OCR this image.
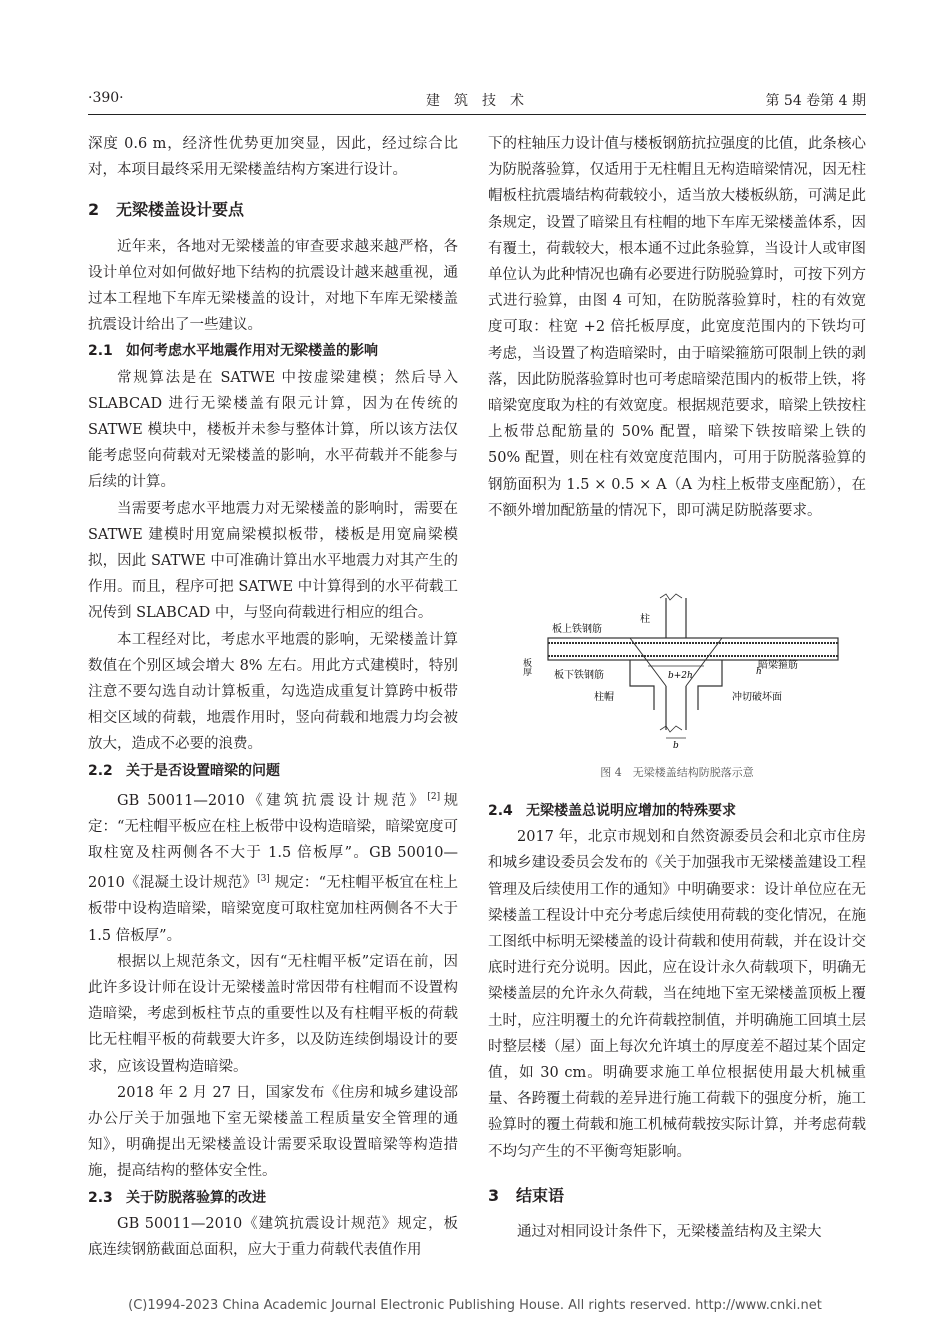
·390·	建　筑　技　术	第 54 卷第 4 期

深度 0.6 m，经济性优势更加突显，因此，经过综合比对，本项目最终采用无梁楼盖结构方案进行设计。

2 无梁楼盖设计要点

近年来，各地对无梁楼盖的审查要求越来越严格，各设计单位对如何做好地下结构的抗震设计越来越重视，通过本工程地下车库无梁楼盖的设计，对地下车库无梁楼盖抗震设计给出了一些建议。

2.1 如何考虑水平地震作用对无梁楼盖的影响

常规算法是在 SATWE 中按虚梁建模；然后导入 SLABCAD 进行无梁楼盖有限元计算，因为在传统的 SATWE 模块中，楼板并未参与整体计算，所以该方法仅能考虑竖向荷载对无梁楼盖的影响，水平荷载并不能参与后续的计算。

当需要考虑水平地震力对无梁楼盖的影响时，需要在 SATWE 建模时用宽扁梁模拟板带，楼板是用宽扁梁模拟，因此 SATWE 中可准确计算出水平地震力对其产生的作用。而且，程序可把 SATWE 中计算得到的水平荷载工况传到 SLABCAD 中，与竖向荷载进行相应的组合。

本工程经对比，考虑水平地震的影响，无梁楼盖计算数值在个别区域会增大 8% 左右。用此方式建模时，特别注意不要勾选自动计算板重，勾选造成重复计算跨中板带相交区域的荷载，地震作用时，竖向荷载和地震力均会被放大，造成不必要的浪费。

2.2 关于是否设置暗梁的问题

GB 50011—2010《建筑抗震设计规范》[2]规定：“无柱帽平板应在柱上板带中设构造暗梁，暗梁宽度可取柱宽及柱两侧各不大于 1.5 倍板厚”。GB 50010—2010《混凝土设计规范》[3] 规定：“无柱帽平板宜在柱上板带中设构造暗梁，暗梁宽度可取柱宽加柱两侧各不大于 1.5 倍板厚”。

根据以上规范条文，因有“无柱帽平板”定语在前，因此许多设计师在设计无梁楼盖时常因带有柱帽而不设置构造暗梁，考虑到板柱节点的重要性以及有柱帽平板的荷载比无柱帽平板的荷载要大许多，以及防连续倒塌设计的要求，应该设置构造暗梁。

2018 年 2 月 27 日，国家发布《住房和城乡建设部办公厅关于加强地下室无梁楼盖工程质量安全管理的通知》，明确提出无梁楼盖设计需要采取设置暗梁等构造措施，提高结构的整体安全性。

2.3 关于防脱落验算的改进

GB 50011—2010《建筑抗震设计规范》规定，板底连续钢筋截面总面积，应大于重力荷载代表值作用

下的柱轴压力设计值与楼板钢筋抗拉强度的比值，此条核心为防脱落验算，仅适用于无柱帽且无构造暗梁情况，因无柱帽板柱抗震墙结构荷载较小，适当放大楼板纵筋，可满足此条规定，设置了暗梁且有柱帽的地下车库无梁楼盖体系，因有覆土，荷载较大，根本通不过此条验算，当设计人或审图单位认为此种情况也确有必要进行防脱验算时，可按下列方式进行验算，由图 4 可知，在防脱落验算时，柱的有效宽度可取：柱宽 +2 倍托板厚度，此宽度范围内的下铁均可考虑，当设置了构造暗梁时，由于暗梁箍筋可限制上铁的剥落，因此防脱落验算时也可考虑暗梁范围内的板带上铁，将暗梁宽度取为柱的有效宽度。根据规范要求，暗梁上铁按柱上板带总配筋量的 50% 配置，暗梁下铁按暗梁上铁的 50% 配置，则在柱有效宽度范围内，可用于防脱落验算的钢筋面积为 1.5 × 0.5 × A（A 为柱上板带支座配筋），在不额外增加配筋量的情况下，即可满足防脱落要求。

板上铁钢筋
柱
板厚	b+2h	h
暗梁箍筋
板下铁钢筋
柱帽	冲切破坏面
b
图 4　无梁楼盖结构防脱落示意
2.4 无梁楼盖总说明应增加的特殊要求

2017 年，北京市规划和自然资源委员会和北京市住房和城乡建设委员会发布的《关于加强我市无梁楼盖建设工程管理及后续使用工作的通知》中明确要求：设计单位应在无梁楼盖工程设计中充分考虑后续使用荷载的变化情况，在施工图纸中标明无梁楼盖的设计荷载和使用荷载，并在设计交底时进行充分说明。因此，应在设计永久荷载项下，明确无梁楼盖层的允许永久荷载，当在纯地下室无梁楼盖顶板上覆土时，应注明覆土的允许荷载控制值，并明确施工回填土层时整层楼（屋）面上每次允许填土的厚度差不超过某个固定值，如 30 cm。明确要求施工单位根据使用最大机械重量、各跨覆土荷载的差异进行施工荷载下的强度分析，施工验算时的覆土荷载和施工机械荷载按实际计算，并考虑荷载不均匀产生的不平衡弯矩影响。

3 结束语

通过对相同设计条件下，无梁楼盖结构及主梁大

(C)1994-2023 China Academic Journal Electronic Publishing House. All rights reserved. http://www.cnki.net
